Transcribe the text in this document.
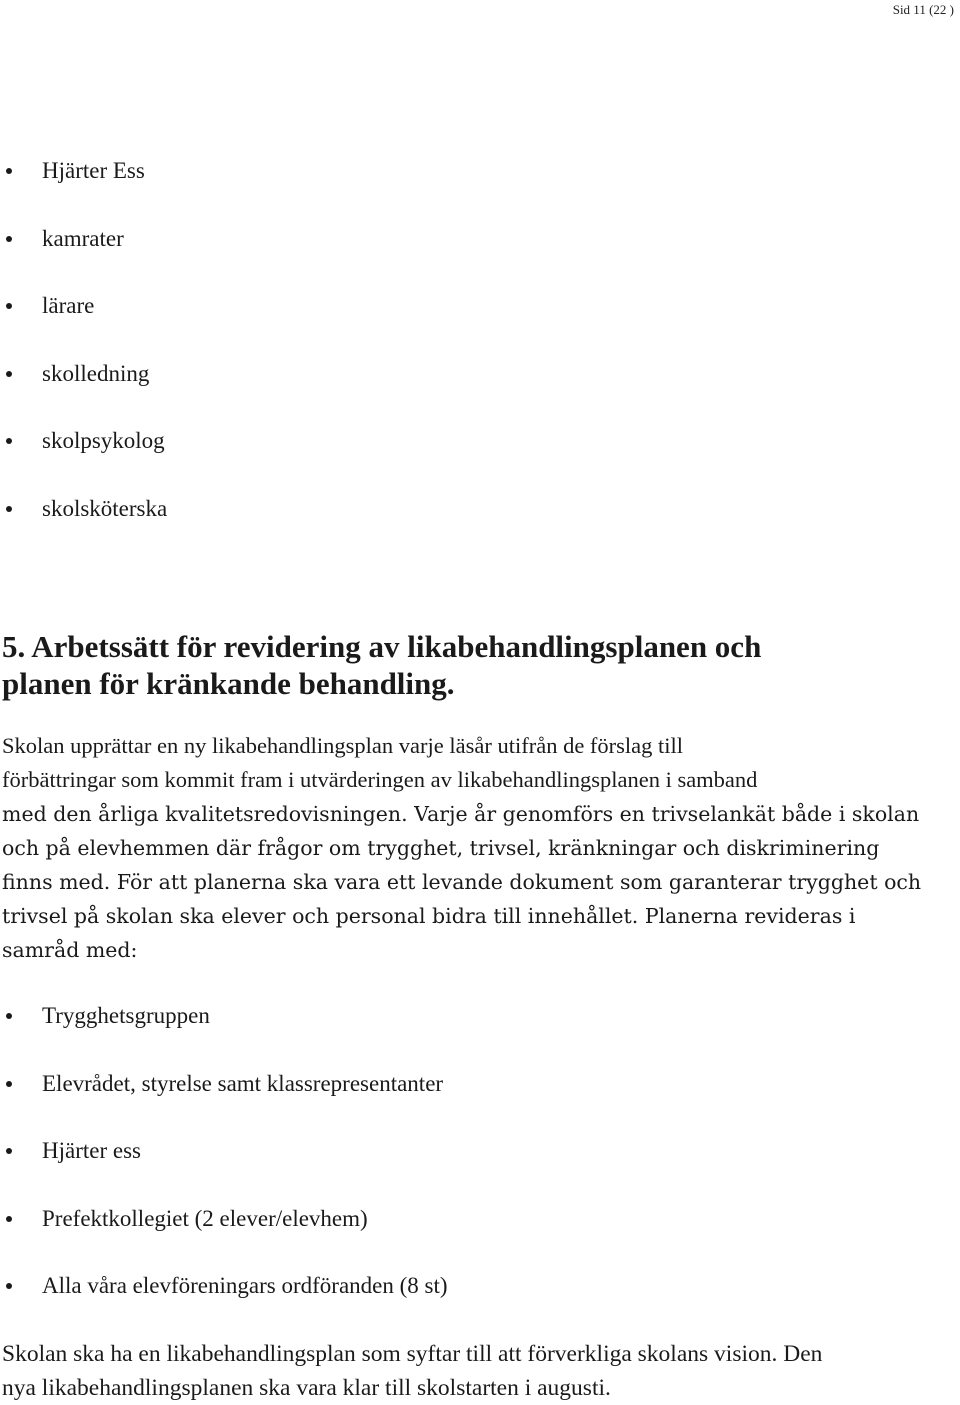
Sid 11 (22 )
Hjärter Ess
kamrater
lärare
skolledning
skolpsykolog
skolsköterska
5. Arbetssätt för revidering av likabehandlingsplanen och
planen för kränkande behandling.

Skolan upprättar en ny likabehandlingsplan varje läsår utifrån de förslag till
förbättringar som kommit fram i utvärderingen av likabehandlingsplanen i samband
med den årliga kvalitetsredovisningen. Varje år genomförs en trivselankät både i skolan
och på elevhemmen där frågor om trygghet, trivsel, kränkningar och diskriminering
finns med. För att planerna ska vara ett levande dokument som garanterar trygghet och
trivsel på skolan ska elever och personal bidra till innehållet. Planerna revideras i
samråd med:

Trygghetsgruppen
Elevrådet, styrelse samt klassrepresentanter
Hjärter ess
Prefektkollegiet (2 elever/elevhem)
Alla våra elevföreningars ordföranden (8 st)

Skolan ska ha en likabehandlingsplan som syftar till att förverkliga skolans vision. Den
nya likabehandlingsplanen ska vara klar till skolstarten i augusti.
